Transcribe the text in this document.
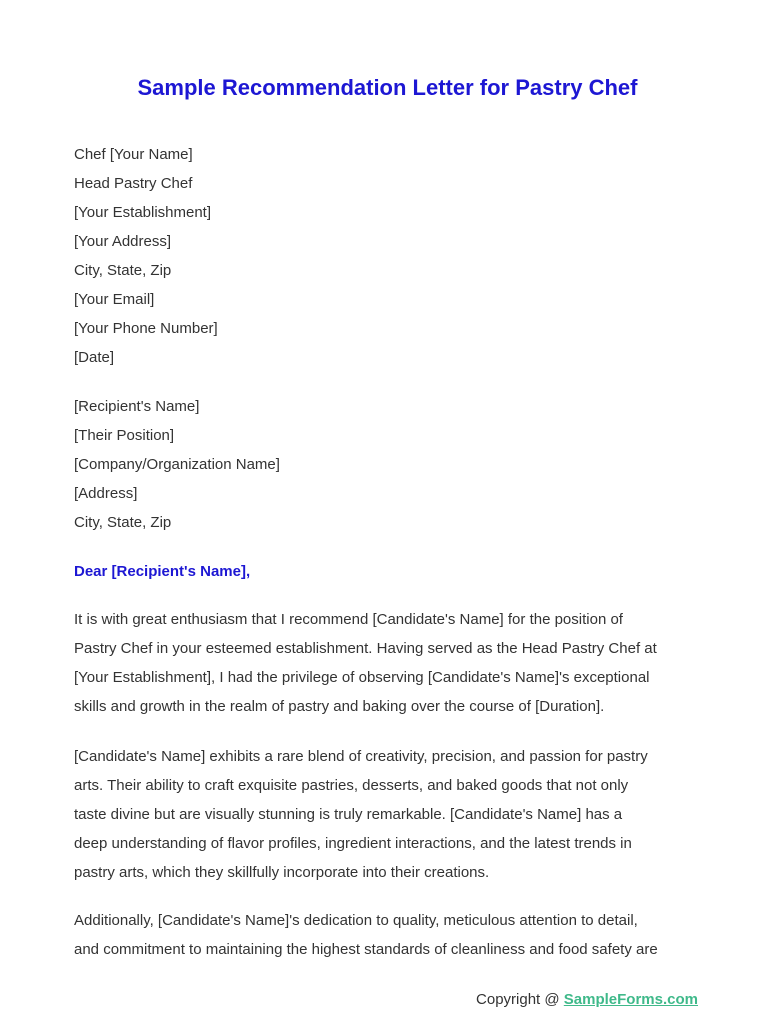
Sample Recommendation Letter for Pastry Chef
Chef [Your Name]
Head Pastry Chef
[Your Establishment]
[Your Address]
City, State, Zip
[Your Email]
[Your Phone Number]
[Date]
[Recipient's Name]
[Their Position]
[Company/Organization Name]
[Address]
City, State, Zip
Dear [Recipient's Name],
It is with great enthusiasm that I recommend [Candidate's Name] for the position of
Pastry Chef in your esteemed establishment. Having served as the Head Pastry Chef at
[Your Establishment], I had the privilege of observing [Candidate's Name]'s exceptional
skills and growth in the realm of pastry and baking over the course of [Duration].
[Candidate's Name] exhibits a rare blend of creativity, precision, and passion for pastry
arts. Their ability to craft exquisite pastries, desserts, and baked goods that not only
taste divine but are visually stunning is truly remarkable. [Candidate's Name] has a
deep understanding of flavor profiles, ingredient interactions, and the latest trends in
pastry arts, which they skillfully incorporate into their creations.
Additionally, [Candidate's Name]'s dedication to quality, meticulous attention to detail,
and commitment to maintaining the highest standards of cleanliness and food safety are
Copyright @ SampleForms.com
